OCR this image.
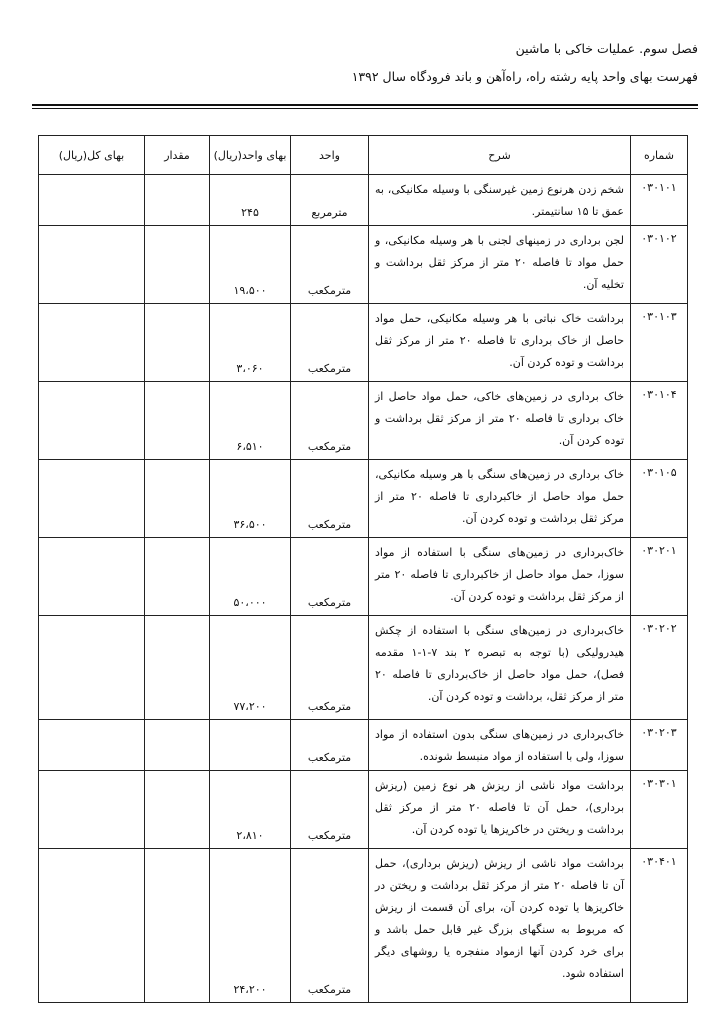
فصل سوم. عملیات خاکی با ماشین
فهرست بهای واحد پایه رشته راه، راه‌آهن و باند فرودگاه سال ۱۳۹۲
شماره	شرح	واحد	بهای واحد(ریال)	مقدار	بهای کل(ریال)
۰۳۰۱۰۱	شخم زدن هرنوع زمین غیرسنگی با وسیله مکانیکی، به عمق تا ۱۵ سانتیمتر.	مترمربع	۲۴۵		
۰۳۰۱۰۲	لجن برداری در زمینهای لجنی با هر وسیله مکانیکی، و حمل مواد تا فاصله ۲۰ متر از مرکز ثقل برداشت و تخلیه آن.	مترمکعب	۱۹،۵۰۰		
۰۳۰۱۰۳	برداشت خاک نباتی با هر وسیله مکانیکی، حمل مواد حاصل از خاک برداری تا فاصله ۲۰ متر از مرکز ثقل برداشت و توده کردن آن.	مترمکعب	۳،۰۶۰		
۰۳۰۱۰۴	خاک برداری در زمین‌های خاکی، حمل مواد حاصل از خاک برداری تا فاصله ۲۰ متر از مرکز ثقل برداشت و توده کردن آن.	مترمکعب	۶،۵۱۰		
۰۳۰۱۰۵	خاک برداری در زمین‌های سنگی با هر وسیله مکانیکی، حمل مواد حاصل از خاکبرداری تا فاصله ۲۰ متر از مرکز ثقل برداشت و توده کردن آن.	مترمکعب	۳۶،۵۰۰		
۰۳۰۲۰۱	خاک‌برداری در زمین‌های سنگی با استفاده از مواد سوزا، حمل مواد حاصل از خاکبرداری تا فاصله ۲۰ متر از مرکز ثقل برداشت و توده کردن آن.	مترمکعب	۵۰،۰۰۰		
۰۳۰۲۰۲	خاک‌برداری در زمین‌های سنگی با استفاده از چکش هیدرولیکی (با توجه به تبصره ۲ بند ۷-۱-۱ مقدمه فصل)، حمل مواد حاصل از خاک‌برداری تا فاصله ۲۰ متر از مرکز ثقل، برداشت و توده کردن آن.	مترمکعب	۷۷،۲۰۰		
۰۳۰۲۰۳	خاک‌برداری در زمین‌های سنگی بدون استفاده از مواد سوزا، ولی با استفاده از مواد منبسط شونده.	مترمکعب			
۰۳۰۳۰۱	برداشت مواد ناشی از ریزش هر نوع زمین (ریزش برداری)، حمل آن تا فاصله ۲۰ متر از مرکز ثقل برداشت و ریختن در خاکریزها یا توده کردن آن.	مترمکعب	۲،۸۱۰		
۰۳۰۴۰۱	برداشت مواد ناشی از ریزش (ریزش برداری)، حمل آن تا فاصله ۲۰ متر از مرکز ثقل برداشت و ریختن در خاکریزها یا توده کردن آن، برای آن قسمت از ریزش که مربوط به سنگهای بزرگ غیر قابل حمل باشد و برای خرد کردن آنها ازمواد منفجره یا روشهای دیگر استفاده شود.	مترمکعب	۲۴،۲۰۰		
